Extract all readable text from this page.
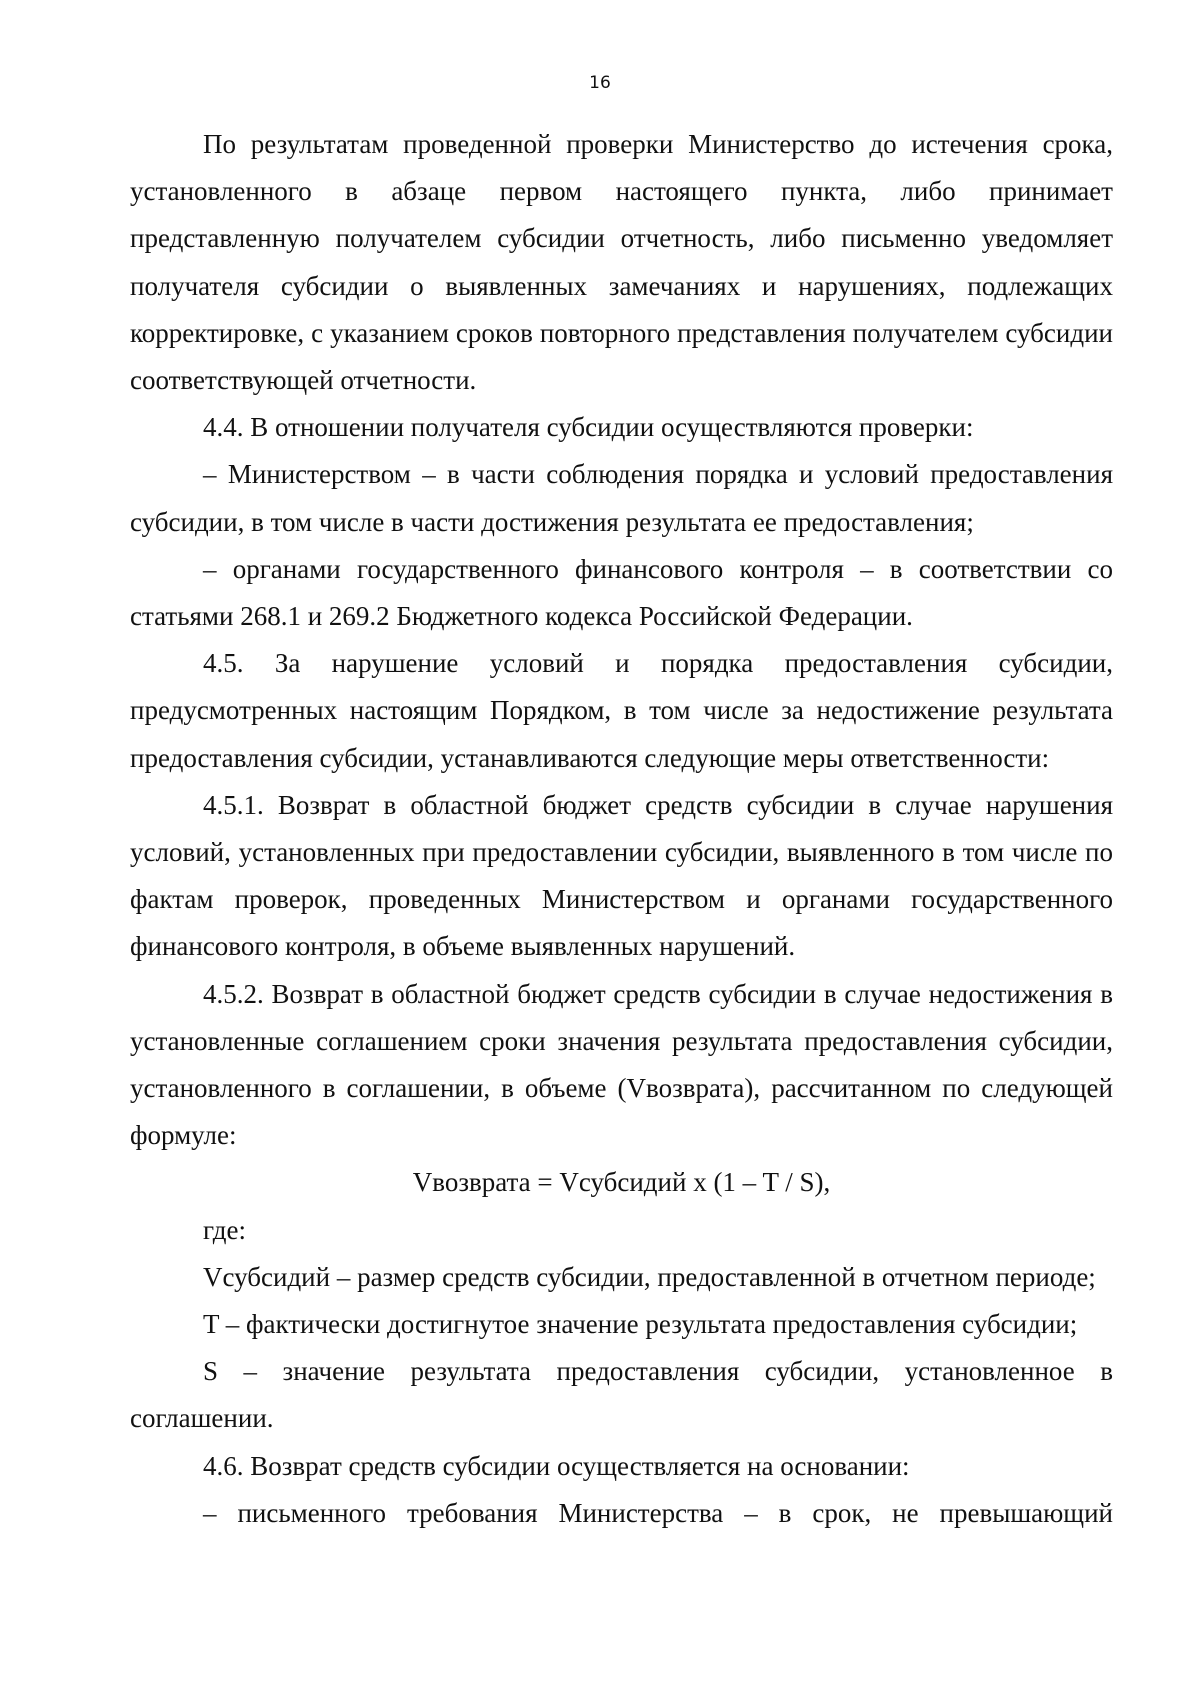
16

По результатам проведенной проверки Министерство до истечения срока, установленного в абзаце первом настоящего пункта, либо принимает представленную получателем субсидии отчетность, либо письменно уведомляет получателя субсидии о выявленных замечаниях и нарушениях, подлежащих корректировке, с указанием сроков повторного представления получателем субсидии соответствующей отчетности.

4.4. В отношении получателя субсидии осуществляются проверки:

– Министерством – в части соблюдения порядка и условий предоставления субсидии, в том числе в части достижения результата ее предоставления;

– органами государственного финансового контроля – в соответствии со статьями 268.1 и 269.2 Бюджетного кодекса Российской Федерации.

4.5. За нарушение условий и порядка предоставления субсидии, предусмотренных настоящим Порядком, в том числе за недостижение результата предоставления субсидии, устанавливаются следующие меры ответственности:

4.5.1. Возврат в областной бюджет средств субсидии в случае нарушения условий, установленных при предоставлении субсидии, выявленного в том числе по фактам проверок, проведенных Министерством и органами государственного финансового контроля, в объеме выявленных нарушений.

4.5.2. Возврат в областной бюджет средств субсидии в случае недостижения в установленные соглашением сроки значения результата предоставления субсидии, установленного в соглашении, в объеме (Vвозврата), рассчитанном по следующей формуле:

Vвозврата = Vсубсидий x (1 – T / S),

где:

Vсубсидий – размер средств субсидии, предоставленной в отчетном периоде;

T – фактически достигнутое значение результата предоставления субсидии;

S – значение результата предоставления субсидии, установленное в соглашении.

4.6. Возврат средств субсидии осуществляется на основании:

– письменного требования Министерства – в срок, не превышающий
